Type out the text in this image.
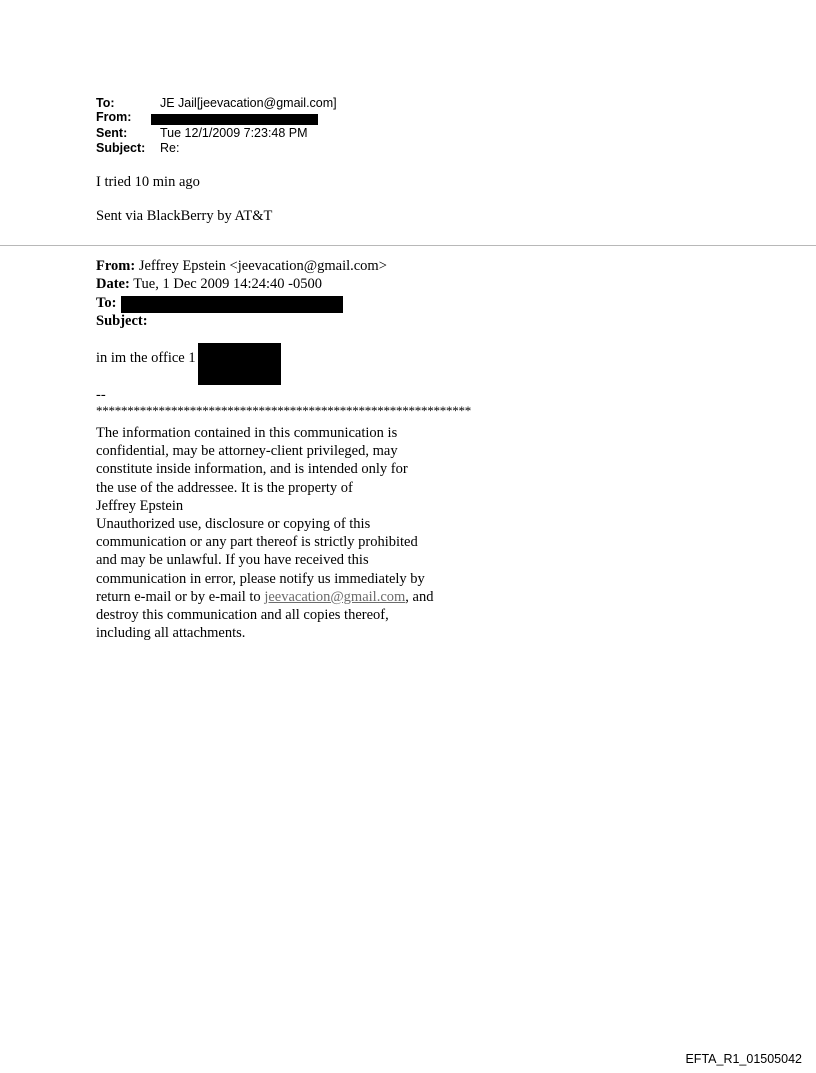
To:	JE Jail[jeevacation@gmail.com]
From:
Sent:	Tue 12/1/2009 7:23:48 PM
Subject: Re:
I tried 10 min ago
Sent via BlackBerry by AT&T
From: Jeffrey Epstein <jeevacation@gmail.com>
Date: Tue, 1 Dec 2009 14:24:40 -0500
To:
Subject:
in im the office 1
--
************************************************************
The information contained in this communication is
confidential, may be attorney-client privileged, may
constitute inside information, and is intended only for
the use of the addressee. It is the property of
Jeffrey Epstein
Unauthorized use, disclosure or copying of this
communication or any part thereof is strictly prohibited
and may be unlawful. If you have received this
communication in error, please notify us immediately by
return e-mail or by e-mail to jeevacation@gmail.com, and
destroy this communication and all copies thereof,
including all attachments.
EFTA_R1_01505042
